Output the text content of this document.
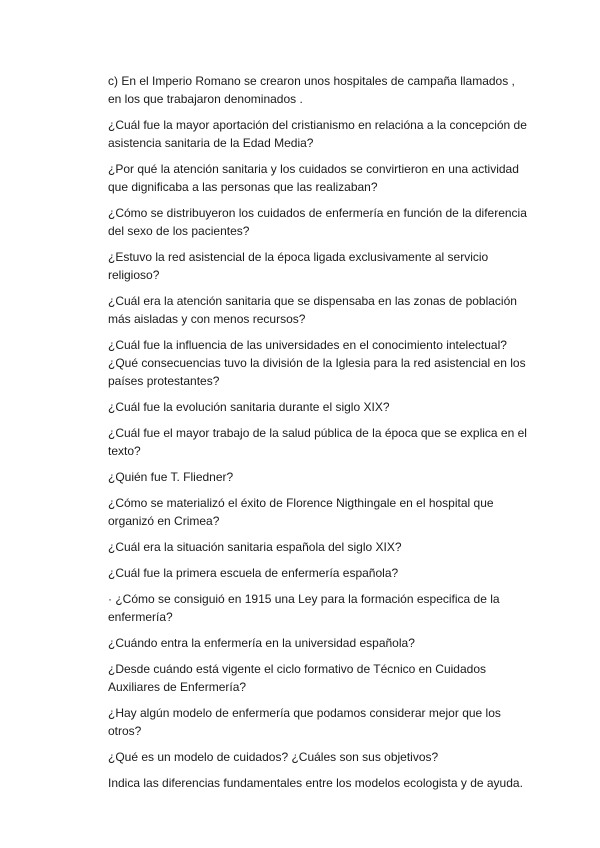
c) En el Imperio Romano se crearon unos hospitales de campaña llamados , en los que trabajaron denominados .

¿Cuál fue la mayor aportación del cristianismo en relacióna a la concepción de asistencia sanitaria de la Edad Media?

¿Por qué la atención sanitaria y los cuidados se convirtieron en una actividad que dignificaba a las personas que las realizaban?

¿Cómo se distribuyeron los cuidados de enfermería en función de la diferencia del sexo de los pacientes?

¿Estuvo la red asistencial de la época ligada exclusivamente al servicio religioso?

¿Cuál era la atención sanitaria que se dispensaba en las zonas de población más aisladas y con menos recursos?

¿Cuál fue la influencia de las universidades en el conocimiento intelectual?

¿Qué consecuencias tuvo la división de la Iglesia para la red asistencial en los países protestantes?

¿Cuál fue la evolución sanitaria durante el siglo XIX?

¿Cuál fue el mayor trabajo de la salud pública de la época que se explica en el texto?

¿Quién fue T. Fliedner?

¿Cómo se materializó el éxito de Florence Nigthingale en el hospital que organizó en Crimea?

¿Cuál era la situación sanitaria española del siglo XIX?

¿Cuál fue la primera escuela de enfermería española?

· ¿Cómo se consiguió en 1915 una Ley para la formación especifica de la enfermería?

¿Cuándo entra la enfermería en la universidad española?

¿Desde cuándo está vigente el ciclo formativo de Técnico en Cuidados Auxiliares de Enfermería?

¿Hay algún modelo de enfermería que podamos considerar mejor que los otros?

¿Qué es un modelo de cuidados? ¿Cuáles son sus objetivos?

Indica las diferencias fundamentales entre los modelos ecologista y de ayuda.
